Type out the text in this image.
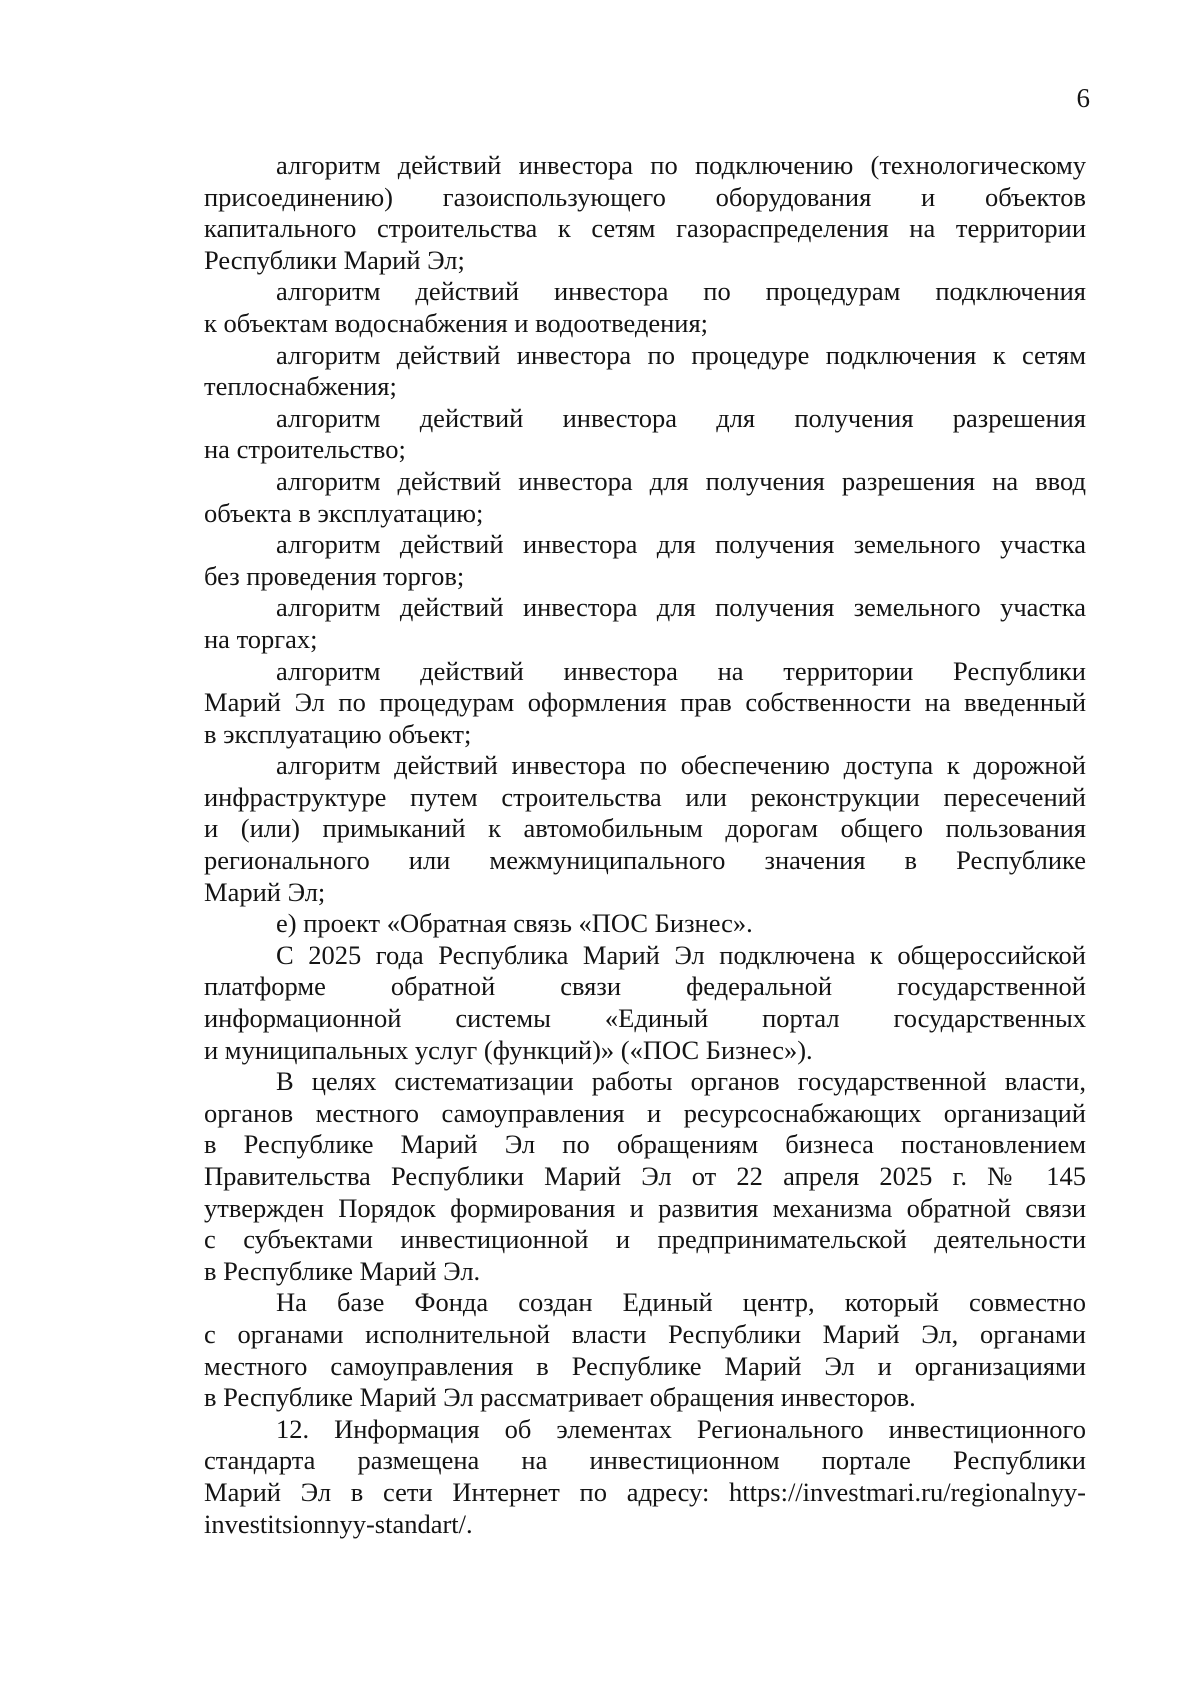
6
алгоритм действий инвестора по подключению (технологическому
присоединению) газоиспользующего оборудования и объектов
капитального строительства к сетям газораспределения на территории
Республики Марий Эл;
алгоритм действий инвестора по процедурам подключения
к объектам водоснабжения и водоотведения;
алгоритм действий инвестора по процедуре подключения к сетям
теплоснабжения;
алгоритм действий инвестора для получения разрешения
на строительство;
алгоритм действий инвестора для получения разрешения на ввод
объекта в эксплуатацию;
алгоритм действий инвестора для получения земельного участка
без проведения торгов;
алгоритм действий инвестора для получения земельного участка
на торгах;
алгоритм действий инвестора на территории Республики
Марий Эл по процедурам оформления прав собственности на введенный
в эксплуатацию объект;
алгоритм действий инвестора по обеспечению доступа к дорожной
инфраструктуре путем строительства или реконструкции пересечений
и (или) примыканий к автомобильным дорогам общего пользования
регионального или межмуниципального значения в Республике
Марий Эл;
е) проект «Обратная связь «ПОС Бизнес».
С 2025 года Республика Марий Эл подключена к общероссийской
платформе обратной связи федеральной государственной
информационной системы «Единый портал государственных
и муниципальных услуг (функций)» («ПОС Бизнес»).
В целях систематизации работы органов государственной власти,
органов местного самоуправления и ресурсоснабжающих организаций
в Республике Марий Эл по обращениям бизнеса постановлением
Правительства Республики Марий Эл от 22 апреля 2025 г. № 145
утвержден Порядок формирования и развития механизма обратной связи
с субъектами инвестиционной и предпринимательской деятельности
в Республике Марий Эл.
На базе Фонда создан Единый центр, который совместно
с органами исполнительной власти Республики Марий Эл, органами
местного самоуправления в Республике Марий Эл и организациями
в Республике Марий Эл рассматривает обращения инвесторов.
12. Информация об элементах Регионального инвестиционного
стандарта размещена на инвестиционном портале Республики
Марий Эл в сети Интернет по адресу: https://investmari.ru/regionalnyy-
investitsionnyy-standart/.
